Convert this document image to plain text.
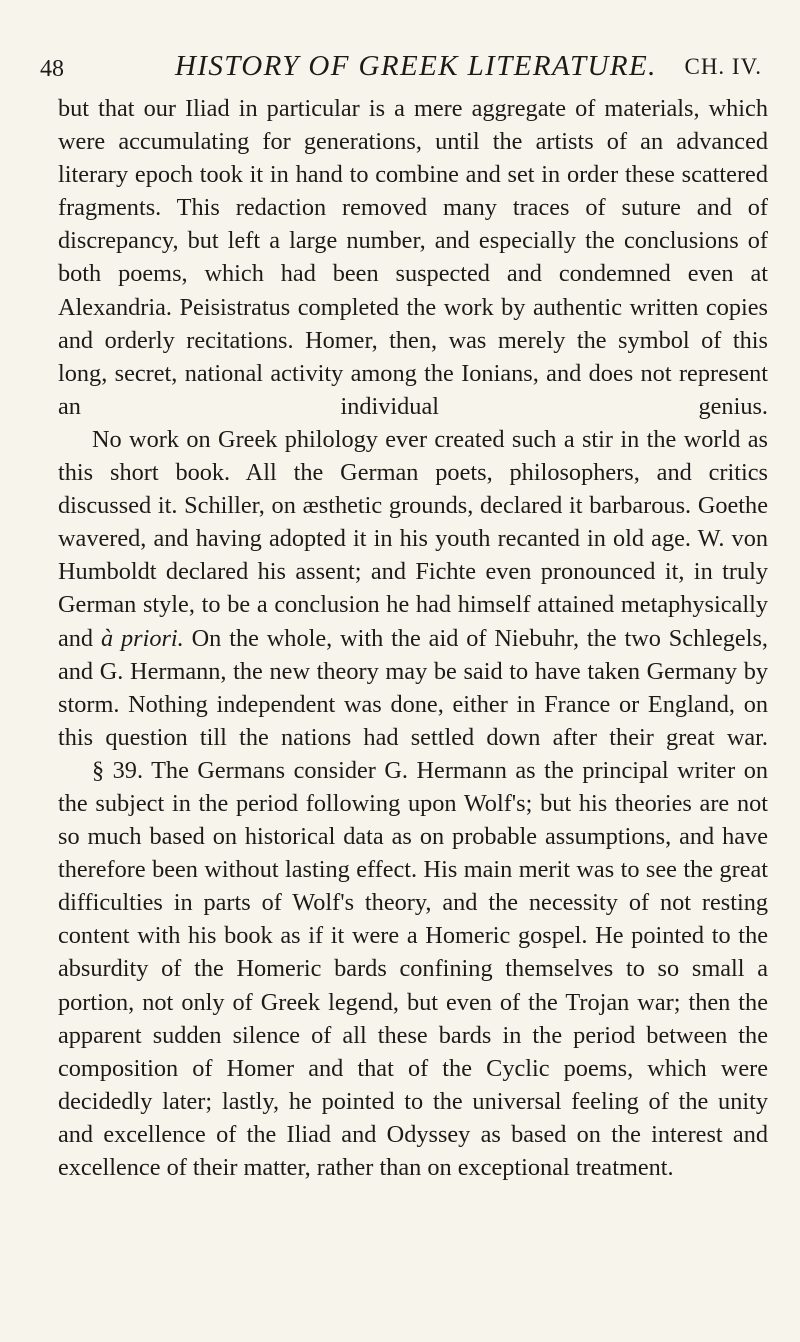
48	HISTORY OF GREEK LITERATURE. CH. IV.

but that our Iliad in particular is a mere aggregate of materials, which were accumulating for generations, until the artists of an advanced literary epoch took it in hand to combine and set in order these scattered fragments. This redaction removed many traces of suture and of discrepancy, but left a large number, and especially the conclusions of both poems, which had been suspected and condemned even at Alexandria. Peisistratus completed the work by authentic written copies and orderly recitations. Homer, then, was merely the symbol of this long, secret, national activity among the Ionians, and does not represent an individual genius.

No work on Greek philology ever created such a stir in the world as this short book. All the German poets, philosophers, and critics discussed it. Schiller, on æsthetic grounds, declared it barbarous. Goethe wavered, and having adopted it in his youth recanted in old age. W. von Humboldt declared his assent; and Fichte even pronounced it, in truly German style, to be a conclusion he had himself attained metaphysically and à priori. On the whole, with the aid of Niebuhr, the two Schlegels, and G. Hermann, the new theory may be said to have taken Germany by storm. Nothing independent was done, either in France or England, on this question till the nations had settled down after their great war.

§ 39. The Germans consider G. Hermann as the principal writer on the subject in the period following upon Wolf's; but his theories are not so much based on historical data as on probable assumptions, and have therefore been without lasting effect. His main merit was to see the great difficulties in parts of Wolf's theory, and the necessity of not resting content with his book as if it were a Homeric gospel. He pointed to the absurdity of the Homeric bards confining themselves to so small a portion, not only of Greek legend, but even of the Trojan war; then the apparent sudden silence of all these bards in the period between the composition of Homer and that of the Cyclic poems, which were decidedly later; lastly, he pointed to the universal feeling of the unity and excellence of the Iliad and Odyssey as based on the interest and excellence of their matter, rather than on exceptional treatment.
